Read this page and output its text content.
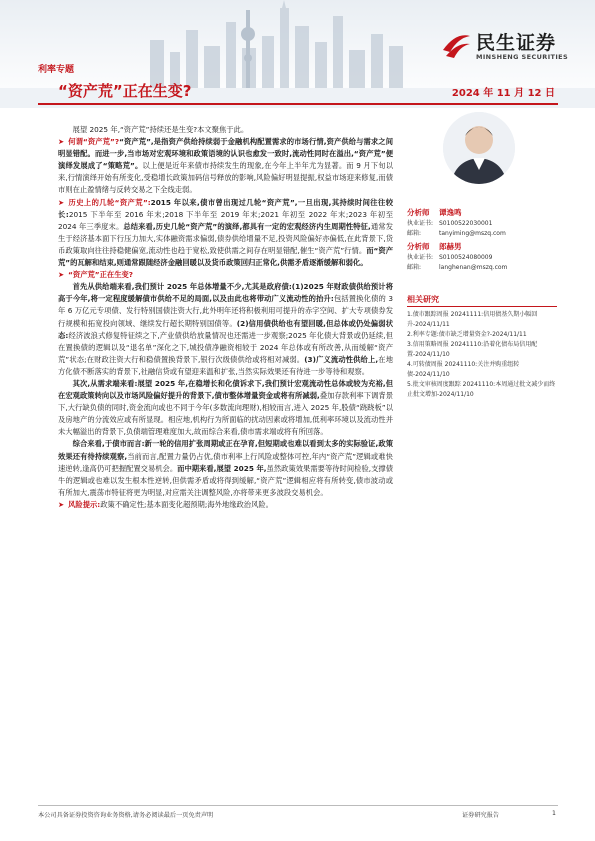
民生证券
MINSHENG SECURITIES
利率专题
“资产荒”正在生变?	2024 年 11 月 12 日

展望 2025 年,“资产荒”持续还是生变?本文聚焦于此。

➤ 何谓“资产荒”?“资产荒”,是指资产供给持续弱于金融机构配置需求的市场行情,资产供给与需求之间明显错配。而进一步,当市场对宏观环境和政策语境的认识也愈发一致时,流动性同时在溢出,“资产荒”便演绎发展成了“策略荒”。以上便是近年来债市持续发生的现象,在今年上半年尤为显著。而 9 月下旬以来,行情演绎开始有所变化,受稳增长政策加码信号释放的影响,风险偏好明显提振,权益市场迎来修复,而债市则在止盈情绪与反转交易之下全线走弱。

➤ 历史上的几轮“资产荒”:2015 年以来,债市曾出现过几轮“资产荒”,一旦出现,其持续时间往往较长:2015 下半年至 2016 年末;2018 下半年至 2019 年末;2021 年初至 2022 年末;2023 年初至 2024 年三季度末。总结来看,历史几轮“资产荒”的演绎,都具有一定的宏观经济内生周期性特征,通常发生于经济基本面下行压力加大,实体融资需求偏弱,债券供给增量不足,投资风险偏好亦偏低,在此背景下,货币政策取向往往持稳健偏宽,流动性也趋于宽松,致使供需之间存在明显错配,催生“资产荒”行情。而“资产荒”的瓦解和结束,则通常跟随经济金融回暖以及货币政策回归正常化,供需矛盾逐渐缓解和弱化。

➤ “资产荒”正在生变?

首先从供给端来看,我们预计 2025 年总体增量不少,尤其是政府债:(1)2025 年财政债供给预计将高于今年,将一定程度缓解债市供给不足的局面,以及由此也将带动广义流动性的抬升:包括置换化债的 3 年 6 万亿元专项债、发行特别国债注资大行,此外明年还将积极利用可提升的赤字空间、扩大专项债券发行规模和拓宽投向领域、继续发行超长期特别国债等。(2)信用债供给也有望回暖,但总体或仍处偏弱状态:经济波浪式修复特征续之下,产业债供给放量情况也还需进一步观察;2025 年化债大背景或仍延续,但在置换债的逻辑以及“退名单”深化之下,城投债净融资相较于 2024 年总体或有所改善,从而缓解“资产荒”状态;在财政注资大行和稳债置换背景下,银行次级债供给或将相对减弱。(3)广义流动性供给上,在地方化债不断落实的背景下,社融信贷或有望迎来温和扩张,当然实际效果还有待进一步等待和观察。

其次,从需求端来看:展望 2025 年,在稳增长和化债诉求下,我们预计宏观流动性总体或较为充裕,但在宏观政策转向以及市场风险偏好提升的背景下,债市整体增量资金或将有所减弱,叠加存款利率下调背景下,大行缺负债的同时,资金流向或也不同于今年(多数流向理财),相较而言,进入 2025 年,股债“跷跷板”以及房地产的分流效应或有所显现。相应地,机构行为所面临的扰动因素或将增加,低利率环境以及流动性并未大幅溢出的背景下,负债端管理难度加大,故而综合来看,债市需求端或将有所回落。

综合来看,于债市而言:新一轮的信用扩张周期或正在孕育,但短期或也难以看到太多的实际验证,政策效果还有待持续观察,当前而言,配置力量仍占优,债市利率上行风险或整体可控,年内“资产荒”逻辑或难快速逆转,逢高仍可把握配置交易机会。而中期来看,展望 2025 年,虽然政策效果需要等待时间检验,支撑债牛的逻辑或也难以发生根本性逆转,但供需矛盾或将得到缓解,“资产荒”逻辑相应将有所转变,债市波动或有所加大,震荡市特征将更为明显,对应需关注调整风险,亦将带来更多波段交易机会。

➤ 风险提示:政策不确定性;基本面变化超预期;海外地缘政治风险。

分析师 谭逸鸣
执业证书: S0100522030001
邮箱:	tanyiming@mszq.com
分析师 郎赫男
执业证书: S0100524080009
邮箱:	langhenan@mszq.com
相关研究
1.债市跟踪周报 20241111:信用债基久期小幅回升-2024/11/11
2.利率专题:债市缺乏增量资金?-2024/11/11
3.信用策略周报 20241110:沿着化债布局信用配置-2024/11/10
4.可转债周报 20241110:关注并购重组转债-2024/11/10
5.批文审核周度跟踪 20241110:本周通过批文减少而终止批文增加-2024/11/10
本公司具备证券投资咨询业务资格,请务必阅读最后一页免责声明	证券研究报告	1
